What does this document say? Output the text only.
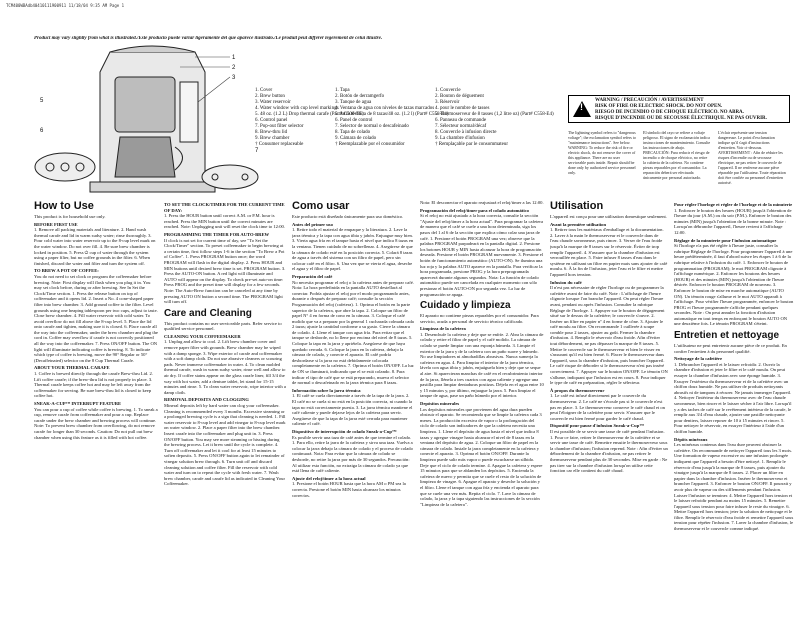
TCM400WBAdb40410111900911 11/18/04 9:35 AM Page 1
Product may vary slightly from what is illustrated./Este producto puede variar ligeramente del que aparece ilustrado./Le produit peut différer légèrement de celui illustré.
1
2
3
5
6
7
1. Cover
2. Brew button
3. Water reservoir
4. Water window with cup level markings
5. 48 oz. (1.2 L) Drop thermal carafe (Part# C500-TE)
6. Control panel
7. Pop-out filter selector
8. Brew-thru lid
9. Brew chamber
† Consumer replaceable
1. Tapa
2. Botón de derramgerfo
3. Tanque de agua
4. Ventana de agua con niveles de tazas marcados
5. Jarra térmica de 8 tazas/48 oz. (1.2 l) (Part# C558-E4)
6. Panel de control
7. Selector de normal o descafeinado
8. Tapa de colado
9. Cámara de colado
† Reemplazable por el consumidor
1. Couvercle
2. Bouton de déguement
3. Réservoir
4. pour le nombre de tasses
5. Thermoserveur de 8 tasses (1,2 litre oz) (Part# C558-E4)
6. Panneau de commande
7. Sélecteur normal/décaf
8. Couvercle à infusion directe
9. La chambre d'infusion
† Remplaçable par le consommateur
!
WARNING / PRECAUCIÓN / AVERTISSEMENT
RISK OF FIRE OR ELECTRIC SHOCK. DO NOT OPEN.
RIESGO DE INCENDIO O DE CHOQUE ELÉCTRICO. NO ABRA.
RISQUE D'INCENDIE OU DE SECOUSSE ÉLECTRIQUE. NE PAS OUVRIR.
The lightning symbol refers to "dangerous voltage"; the exclamation symbol refers to "maintenance instructions". See below. WARNING: To reduce the risk of fire or electric shock, do not remove the cover of this appliance. There are no user serviceable parts inside. Repair should be done only by authorized service personnel only.
El símbolo del rayo se refiere a voltaje peligroso. El signo de exclamación indica instrucciones de mantenimiento. Consulte las instrucciones de abajo. PRECAUCIÓN: Para reducir el riesgo de incendio o de choque eléctrico, no retire la cubierta de la cafetera. No contiene piezas reparables por el consumidor. La reparación deberá ser efectuada únicamente por personal autorizado.
L'éclair représente une tension dangereuse. Le point d'exclamation indique qu'il s'agit d'instructions d'entretien. Voir ci-dessous. AVERTISSEMENT : Afin de réduire les risques d'incendie ou de secousse électrique, ne pas retirer le couvercle de l'appareil. Il ne renferme aucune pièce réparable par l'utilisateur. Toute réparation doit être confiée au personnel d'entretien autorisé.
How to Use

This product is for household use only.

BEFORE FIRST USE

1. Remove all packing materials and literature. 2. Hand wash thermal carafe and lid in warm sudsy water; rinse thoroughly. 3. Pour cold water into water reservoir up to the 8-cup level mark on the water window. Do not over fill. 4. Be sure brew chamber is locked in position. 5. Press ⏻ cup of water through the system using a paper filter, but no coffee grounds in the filter. 6. When finished, discard the water and filter and turn the system off.

TO BREW A POT OF COFFEE:

You do not need to set clock or program the coffeemaker before brewing. Note: First display will flash when you plug it in. You may set clock before, during or after brewing. See In Set the Clock/Time section. 1. Press the release button on top of coffeemaker and it opens lid. 2. Insert a No. 4 cone-shaped paper filter into brew chamber. 3. Add ground coffee to the filter. Level grounds using one heaping tablespoon per two cups, adjust to taste. Close brew chamber. 4. Fill water reservoir with cold water. To avoid overflow do not fill above the 8-cup level. 5. Place the lid onto carafe and tighten, making sure it is closed. 6. Place carafe all the way into the coffeemaker, under the brew chamber and plug the cord in. Coffee may overflow if carafe is not correctly positioned all the way into the coffeemaker. 7. Press ON/OFF button. The ON light will illuminate indicating coffee is brewing. 8. To indicate which type of coffee is brewing, move the 90° Regular or 50° (Decaffeinated) selector on the 8 Cup Thermal Carafe.

ABOUT YOUR THERMAL CARAFE

1. Coffee is brewed directly through the carafe Brew-thru Lid. 2. Lift coffee carafe; if the brew-thru lid is not properly in place. 3. Thermal carafe keeps coffee hot and may be left away from the coffeemaker for serving. Be sure brew-thru lid is closed to keep coffee hot.

SNEAK-A-CUP™ INTERRUPT FEATURE

You can pour a cup of coffee while coffee is brewing. 1. To sneak a cup, remove carafe from coffeemaker and pour a cup. Replace carafe under the brew chamber and brewing process will continue. Note: To prevent brew chamber from overflowing, do not remove carafe for longer than 30 seconds. Caution: Do not pull out brew chamber when using this feature as it is filled with hot coffee.

TO SET THE CLOCK/TIMER FOR THE CURRENT TIME OF DAY:

1. Press the HOUR button until correct A.M. or P.M. hour is reached. Press the MIN button until the correct minutes are reached. Note: Unplugging unit will reset the clock time to 12:00.

PROGRAMMING THE TIMER FOR AUTO-BREW

If clock is not set for current time of day, see "To Set the Clock/Timer" section. To preset coffeemaker to begin brewing at a certain time, first follow steps 1-6 in the section "To Brew a Pot of Coffee". 1. Press PROGRAM button once; the word PROGRAM will flash in the digital display. 2. Press HOUR and MIN buttons until desired brew time is set. PROGRAM button. 3. Press the AUTO-ON button. A red light will illuminate and AUTO will appear on the display. To check pre-set auto-on time: Press PROG and the preset time will display for a few seconds. Note: The Auto-Brew function can be canceled at any time by pressing AUTO ON button a second time. The PROGRAM light will turn off.

Care and Cleaning

This product contains no user serviceable parts. Refer service to qualified service personnel.

CLEANING YOUR COFFEEMAKER

1. Unplug and allow to cool. 2. Lift brew chamber cover and remove paper filter with grounds. Brew chamber may be wiped with a damp sponge. 3. Wipe exterior of carafe and coffeemaker with a soft damp cloth. Do not use abrasive cleaners or scouring pads. Never immerse coffeemaker in water. 4. To clean molded thermal carafe, wash in warm sudsy water, rinse well and allow to air dry. If coffee stains appear on the glass carafe liner, fill 3/4 the way with hot water, add a denture tablet, let stand for 15-15 minutes and rinse. 5. To clean water reservoir, wipe interior with a damp cloth.

REMOVAL DEPOSITS AND CLOGGING

Mineral deposits left by hard water can clog your coffeemaker. Cleaning is recommended every 3 months. Excessive steaming or a prolonged brewing cycle is a sign that cleaning is needed. 1. Fill water reservoir to 8-cup level and add vinegar to 8-cup level mark on water window. 2. Place a paper filter into the brew chamber. Insert carafe into the coffeemaker and plug unit in. 3. Press ON/OFF button. You may see more steaming or hissing during the brewing process. Let it brew until the cycle is complete. 4. Turn off coffeemaker and let it cool for at least 15 minutes to soften deposits. 5. Press ON/OFF button again to let remainder of vinegar solution brew through. 6. Turn unit off and discard cleaning solution and coffee filter. Fill the reservoir with cold water and turn on to repeat the cycle with fresh water. 7. Wash brew chamber, carafe and carafe lid as indicated in Cleaning Your Coffeemaker.

Como usar

Este producto está diseñado únicamente para uso doméstico.

Antes del primer uso

1. Retire todo el material de empaque y la literatura. 2. Lave la jarra térmica y la tapa con agua tibia y jabón. Enjuague muy bien. 3. Vierta agua fría en el tanque hasta el nivel que indica 8 tazas en la ventana. Tienen cuidado de no sobrellenar. 4. Asegúrese de que la cámara de colado esté en la posición correcta. 5. Colará 8 tazas de agua a través del sistema con un filtro de papel, pero sin colocar café en el filtro. 6. Una vez que se vierta el agua, deseche el agua y el filtro de papel.

Preparación del café

No necesita programar el reloj o la cafetera antes de preparar café. Nota: La hora predefinida en la pantalla AUTO destellará al conectar. Podría ajustar el reloj por el modo programando antes, durante o después de preparar café; consulte la sección Programación del reloj (cafetera). 1. Oprima el botón en la parte superior de la cafetera, que abre la tapa. 2. Coloque un filtro de papel N° 4 en forma de cono en la cámara. 3. Coloque el café molido que va a preparar por la general 1 cucharada colmada cada 2 tazas; ajuste la cantidad conforme a su gusto. Cierre la cámara de colado. 4. Llene el tanque con agua fría. Para evitar que el tanque se desborde, no lo llene por encima del nivel de 8 tazas. 5. Coloque la tapa en la jarra y apriétela. Asegúrese de que haya quedado cerrada. 6. Coloque la jarra en la cafetera, debajo la cámara de colado, y conecte el aparato. El café podría desbordarse si la jarra no está debidamente colocada completamente en la cafetera. 7. Oprima el botón ON/OFF. La luz de ON se iluminará, indicando que el se está colando. 8. Para indicar el tipo de café que se está preparando, mueva el selector de normal o descafeinado en la jarra térmica para 8 tazas.

Información sobre la jarra térmica

1. El café se cuela directamente a través de la tapa de la jarra. 2. El café no se cuela si no está en la posición correcta, ni cuando la tapa no está correctamente puesta. 3. La jarra térmica mantiene el café caliente y puede dejarse lejos de la cafetera para servir. Asegúrese de que la tapa de la jarra esté cerrada para mantener caliente el café.

Dispositivo de interrupción de colado Sneak-a-Cup™

Es posible servir una taza de café antes de que termine el colado. 1. Para ello, retire la jarra de la cafetera y sirva una taza. Vuelva a colocar la jarra debajo la cámara de colado y el proceso de colado continuará. Nota: Para evitar que la cámara de colado se desborde, no retire la jarra por más de 30 segundos. Precaución: Al utilizar esta función, no extraiga la cámara de colado ya que está llena de café caliente.

Ajuste del reloj/timer a la hora actual

1. Presione el botón HOUR hasta que la hora AM o PM sea la correcta. Presione el botón MIN hasta alcanzar los minutos correctos.

Nota: El desconectar el aparato reajustará el reloj/timer a las 12:00.

Programación del reloj/timer para el colado automático

Si el reloj no está ajustado a la hora correcta, consulte la sección "Ajuste del reloj/timer a la hora actual". Para programar la cafetera de manera que el café se cuele a una hora determinada, siga los pasos del 1 al 6 de la sección que explica cómo colar una jarra de café. 1. Presione el botón PROGRAM una vez; observe que la palabra PROGRAM parpadeará en la pantalla digital. 2. Presione los botones HOUR y MIN hasta alcanzar la hora de programación deseada. Presione el botón PROGRAM nuevamente. 3. Presione el botón de funcionamiento automático (AUTO-ON). Se ilumina una luz roja y la palabra AUTO aparece en la pantalla. Para verificar la hora programada, presione PROG y la hora preprogramada aparecerá durante algunos segundos. Nota: La función de colado automático puede ser cancelada en cualquier momento con sólo presionar el botón AUTO-ON por segunda vez. La luz de programación se apaga.

Cuidado y limpieza

El aparato no contiene piezas reparables por el consumidor. Para servicio, acuda a personal de servicio técnico calificado.

Limpieza de la cafetera

1. Desenchufe la cafetera y deje que se enfríe. 2. Abra la cámara de colado y retire el filtro de papel y el café molido. La cámara de colado se puede limpiar con una esponja húmeda. 3. Limpie el exterior de la jarra y de la cafetera con un paño suave y húmedo. No use limpiadores ni almohadillas abrasivas. Nunca sumerja la cafetera en agua. 4. Para limpiar el interior de la jarra térmica, lávela con agua tibia y jabón, enjuáguela bien y deje que se seque al aire. Si aparecieran manchas de café en el recubrimiento interior de la jarra, llénela a tres cuartos con agua caliente y agregue una pastilla para limpiar dentaduras postizas. Déjela en el agua entre 10 y 15 minutos y, por último, enjuague la jarra. 5. Para limpiar el tanque de agua, pase un paño húmedo por el interior.

Depósitos minerales

Los depósitos minerales que provienen del agua dura pueden obstruir el aparato. Se recomienda que se limpie la cafetera cada 3 meses. La producción excesiva de vapor o la prolongación del ciclo de colado son indicadores de que la cafetera necesita una limpieza. 1. Llene el depósito de agua hasta el nivel que indica 8 tazas y agregue vinagre hasta alcanzar el nivel de 8 tazas en la ventana del depósito de agua. 2. Coloque un filtro de papel en la cámara de colado. Instale la jarra completamente en la cafetera y conecte el aparato. 3. Oprima el botón ON/OFF. Durante la limpieza puede salir más vapor o puede escucharse un silbido. Deje que el ciclo de colado termine. 4. Apague la cafetera y espere 15 minutos para que se ablanden los depósitos. 5. Encienda la cafetera de nuevo y permita que se cuele el resto de la solución de limpieza de vinagre. 6. Apague el aparato y deseche la solución y el filtro. Llene el tanque con agua fría y encienda el aparato para que se cuele una vez más. Repita el ciclo. 7. Lave la cámara de colado, la jarra y la tapa siguiendo las instrucciones de la sección "Limpieza de la cafetera".

Utilisation

L'appareil est conçu pour une utilisation domestique seulement.

Avant la première utilisation

1. Retirer tous les matériaux d'emballage et la documentation. 2. Laver à la main le thermoserveur et le couvercle dans de l'eau chaude savonneuse, puis rincer. 3. Verser de l'eau froide jusqu'à la marque de 8 tasses sur le réservoir. Éviter de trop remplir l'appareil. 4. S'assurer que la chambre d'infusion est verrouillée en place. 5. Faire infuser 8 tasses d'eau dans le système en utilisant un filtre en papier mais sans ajouter de café moulu. 6. À la fin de l'infusion, jeter l'eau et le filtre et mettre l'appareil hors tension.

Infusion du café

Il n'est pas nécessaire de régler l'horloge ou de programmer la cafetière avant de faire du café. Note : L'affichage de l'heure clignote lorsque l'on branche l'appareil. On peut régler l'heure avant, pendant ou après l'infusion. Consulter la rubrique Réglage de l'horloge. 1. Appuyer sur le bouton de dégagement situé sur le dessus de la cafetière; le couvercle s'ouvre. 2. Insérer un filtre en papier nº 4 en forme de cône. 3. Ajouter le café moulu au filtre. On recommande 1 cuillerée à soupe comble pour 2 tasses, ajuster au goût. Fermer la chambre d'infusion. 4. Remplir le réservoir d'eau froide. Afin d'éviter tout débordement, ne pas dépasser la marque de 8 tasses. 5. Mettre le couvercle sur le thermoserveur et bien le visser en s'assurant qu'il est bien fermé. 6. Placer le thermoserveur dans l'appareil, sous la chambre d'infusion, puis brancher l'appareil. Le café risque de déborder si le thermoserveur n'est pas inséré correctement. 7. Appuyer sur le bouton ON/OFF. Le témoin ON s'allume, indiquant que l'infusion est en cours. 8. Pour indiquer le type de café en préparation, régler le sélecteur.

À propos du thermoserveur

1. Le café est infusé directement par le couvercle du thermoserveur. 2. Le café ne s'écoule pas si le couvercle n'est pas en place. 3. Le thermoserveur conserve le café chaud et on peut l'éloigner de la cafetière pour servir. S'assurer que le couvercle est bien fermé pour garder le café chaud.

Dispositif pour pause d'infusion Sneak-a-Cup™

Il est possible de se servir une tasse de café pendant l'infusion. 1. Pour ce faire, retirer le thermoserveur de la cafetière et se servir une tasse de café. Remettre ensuite le thermoserveur sous la chambre d'infusion; l'infusion reprend. Note : Afin d'éviter un débordement de la chambre d'infusion, ne pas retirer le thermoserveur pendant plus de 30 secondes. Mise en garde : Ne pas tirer sur la chambre d'infusion lorsqu'on utilise cette fonction car elle contient du café chaud.

Pour régler l'horloge et régler de l'horloge et de la minuterie

1. Enfoncer le bouton des heures (HOUR) jusqu'à l'obtention de l'heure du jour (A.M.) ou du soir (P.M.). Enfoncer le bouton des minutes (MIN) jusqu'à l'obtention de la bonne minute. Note : Lorsqu'on débranche l'appareil, l'heure revient à l'affichage 12:00.

Réglage de la minuterie pour l'infusion automatique

Si l'horloge n'a pas été réglée à l'heure juste, consulter la rubrique Réglage de l'horloge. Pour programmer l'appareil à une heure prédéterminée, il faut d'abord suivre les étapes 1 à 6 de la rubrique relative à l'infusion du café. 1. Enfoncer le bouton de programmation (PROGRAM); le mot PROGRAM clignote à l'affichage numérique. 2. Enfoncer les boutons des heures (HOUR) et des minutes (MIN) jusqu'à l'obtention de l'heure désirée. Enfoncer le bouton PROGRAM de nouveau. 3. Enfoncer le bouton de mise en marche automatique (AUTO ON). Un témoin rouge s'allume et le mot AUTO apparaît à l'affichage. Pour vérifier l'heure programmée, enfoncer le bouton PROG et l'heure programmée s'affiche pendant quelques secondes. Note : On peut annuler la fonction d'infusion automatique en tout temps en enfonçant le bouton AUTO ON une deuxième fois. Le témoin PROGRAM s'éteint.

Entretien et nettoyage

L'utilisateur ne peut entretenir aucune pièce de ce produit. En confier l'entretien à du personnel qualifié.

Nettoyage de la cafetière

1. Débrancher l'appareil et le laisser refroidir. 2. Ouvrir la chambre d'infusion et jeter le filtre et le café moulu. On peut essuyer la chambre d'infusion avec une éponge humide. 3. Essuyer l'extérieur du thermoserveur et de la cafetière avec un chiffon doux humide. Ne pas utiliser de produits nettoyants abrasifs ni de tampons à récurer. Ne jamais immerger l'appareil. 4. Nettoyer l'intérieur du thermoserveur avec de l'eau chaude savonneuse, bien rincer et le laisser sécher à l'air libre. Lorsqu'il y a des taches de café sur le revêtement intérieur de la carafe, le remplir aux 3/4 d'eau chaude, ajouter une pastille nettoyante pour dentiers, laisser reposer de 10 à 15 minutes et rincer. 5. Pour nettoyer le réservoir, en essuyer l'intérieur à l'aide d'un chiffon humide.

Dépôts minéraux

Les minéraux contenus dans l'eau dure peuvent obstruer la cafetière. On recommande de nettoyer l'appareil tous les 3 mois. Une formation de vapeur excessive ou une infusion prolongée indiquent que l'appareil a besoin d'être nettoyé. 1. Remplir le réservoir d'eau jusqu'à la marque de 8 tasses, puis ajouter du vinaigre jusqu'à la marque de 8 tasses. 2. Placer un filtre en papier dans la chambre d'infusion. Insérer le thermoserveur et brancher l'appareil. 3. Enfoncer le bouton ON/OFF. Il pourrait y avoir plus de vapeur ou des sifflements pendant l'infusion. Laisser l'infusion se terminer. 4. Mettre l'appareil hors tension et le laisser refroidir pendant au moins 15 minutes. 5. Remettre l'appareil sous tension pour faire infuser le reste du vinaigre. 6. Mettre l'appareil hors tension; jeter la solution de nettoyage et le filtre. Remplir le réservoir d'eau froide et remettre l'appareil sous tension pour répéter l'infusion. 7. Laver la chambre d'infusion, le thermoserveur et le couvercle comme indiqué.
